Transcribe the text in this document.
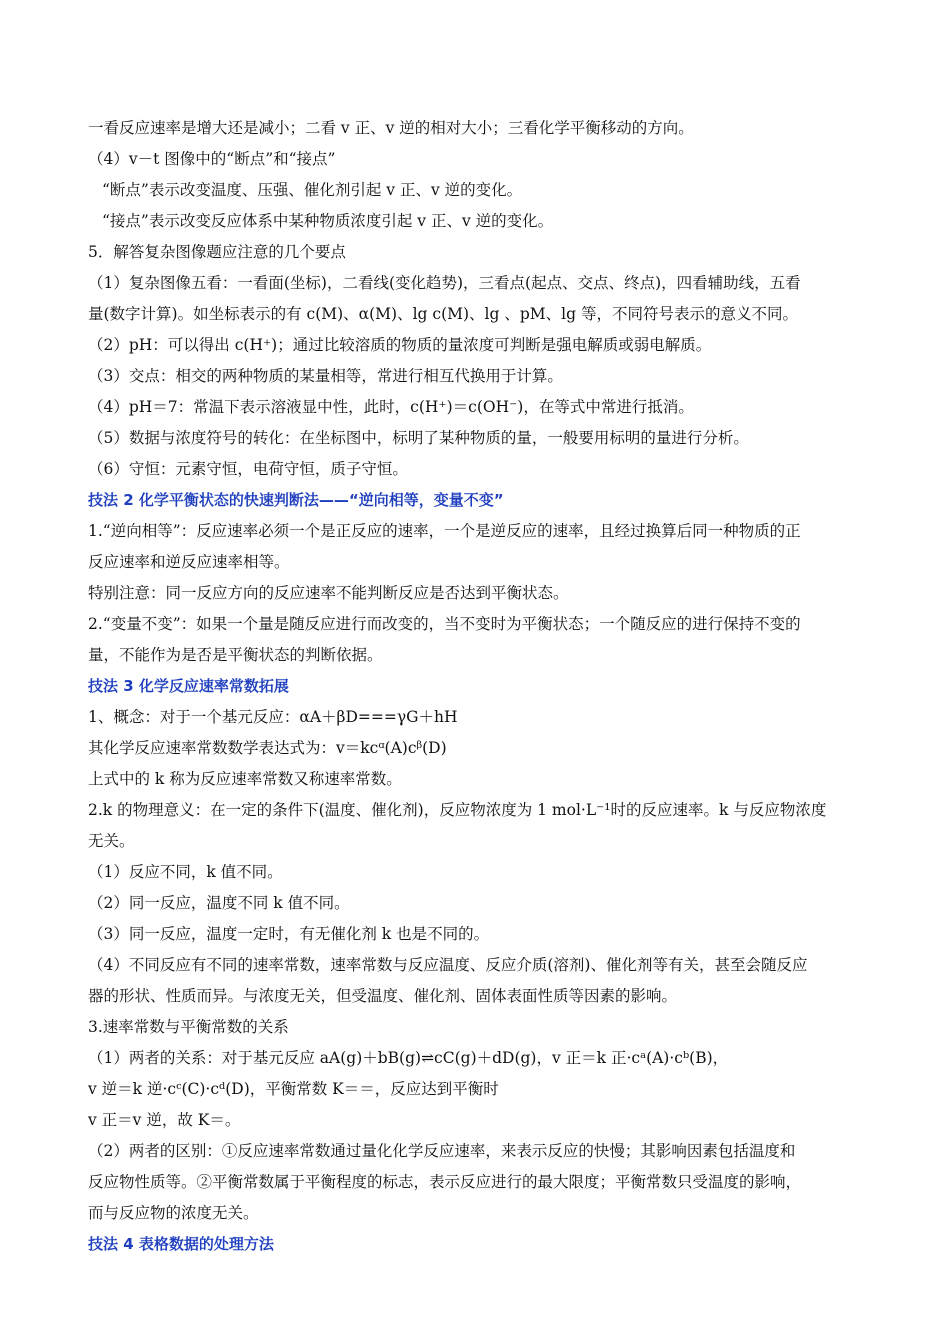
一看反应速率是增大还是减小；二看 v 正、v 逆的相对大小；三看化学平衡移动的方向。
（4）v－t 图像中的“断点”和“接点”
“断点”表示改变温度、压强、催化剂引起 v 正、v 逆的变化。
“接点”表示改变反应体系中某种物质浓度引起 v 正、v 逆的变化。
5．解答复杂图像题应注意的几个要点
（1）复杂图像五看：一看面(坐标)，二看线(变化趋势)，三看点(起点、交点、终点)，四看辅助线，五看
量(数字计算)。如坐标表示的有 c(M)、α(M)、lg c(M)、lg 、pM、lg 等，不同符号表示的意义不同。
（2）pH：可以得出 c(H⁺)；通过比较溶质的物质的量浓度可判断是强电解质或弱电解质。
（3）交点：相交的两种物质的某量相等，常进行相互代换用于计算。
（4）pH＝7：常温下表示溶液显中性，此时，c(H⁺)＝c(OH⁻)，在等式中常进行抵消。
（5）数据与浓度符号的转化：在坐标图中，标明了某种物质的量，一般要用标明的量进行分析。
（6）守恒：元素守恒，电荷守恒，质子守恒。
技法 2 化学平衡状态的快速判断法——“逆向相等，变量不变”
1.“逆向相等”：反应速率必须一个是正反应的速率，一个是逆反应的速率，且经过换算后同一种物质的正
反应速率和逆反应速率相等。
特别注意：同一反应方向的反应速率不能判断反应是否达到平衡状态。
2.“变量不变”：如果一个量是随反应进行而改变的，当不变时为平衡状态；一个随反应的进行保持不变的
量，不能作为是否是平衡状态的判断依据。
技法 3 化学反应速率常数拓展
1、概念：对于一个基元反应：αA＋βD===γG＋hH
其化学反应速率常数数学表达式为：v＝kcᵅ(A)cᵝ(D)
上式中的 k 称为反应速率常数又称速率常数。
2.k 的物理意义：在一定的条件下(温度、催化剂)，反应物浓度为 1 mol·L⁻¹时的反应速率。k 与反应物浓度
无关。
（1）反应不同，k 值不同。
（2）同一反应，温度不同 k 值不同。
（3）同一反应，温度一定时，有无催化剂 k 也是不同的。
（4）不同反应有不同的速率常数，速率常数与反应温度、反应介质(溶剂)、催化剂等有关，甚至会随反应
器的形状、性质而异。与浓度无关，但受温度、催化剂、固体表面性质等因素的影响。
3.速率常数与平衡常数的关系
（1）两者的关系：对于基元反应 aA(g)＋bB(g)⇌cC(g)＋dD(g)，v 正＝k 正·cᵃ(A)·cᵇ(B)，
v 逆＝k 逆·cᶜ(C)·cᵈ(D)，平衡常数 K＝＝，反应达到平衡时
v 正＝v 逆，故 K＝。
（2）两者的区别：①反应速率常数通过量化化学反应速率，来表示反应的快慢；其影响因素包括温度和
反应物性质等。②平衡常数属于平衡程度的标志，表示反应进行的最大限度；平衡常数只受温度的影响，
而与反应物的浓度无关。
技法 4 表格数据的处理方法
